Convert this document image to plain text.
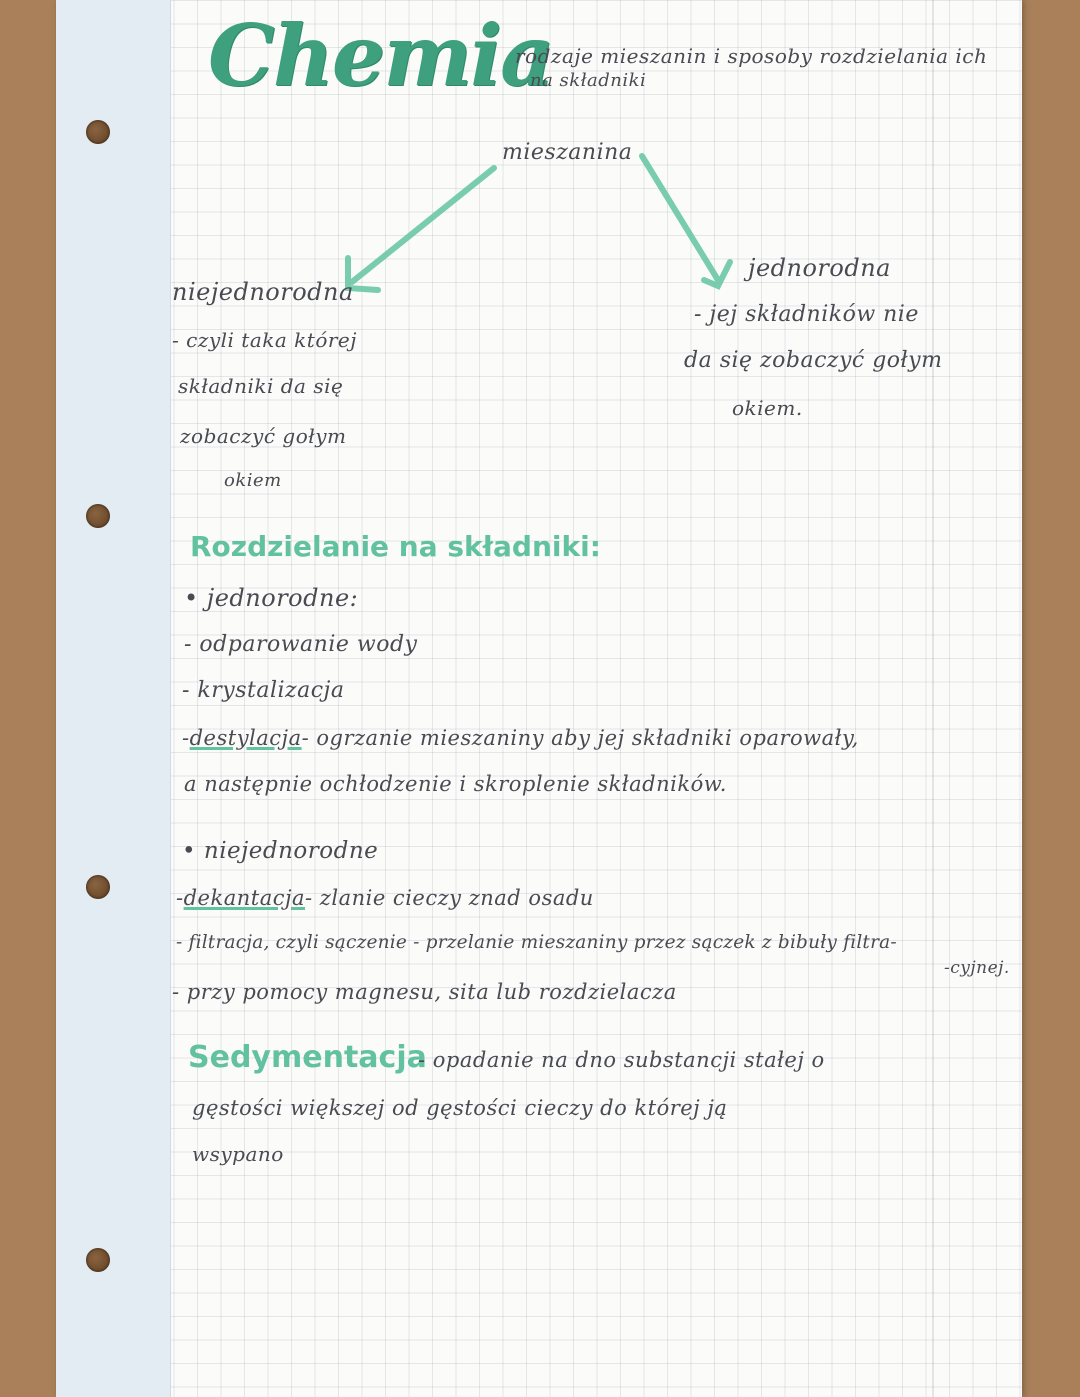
Chemia
rodzaje mieszanin i sposoby rozdzielania ich
na składniki
mieszanina
niejednorodna
- czyli taka której
składniki da się
zobaczyć gołym
okiem
jednorodna
- jej składników nie
da się zobaczyć gołym
okiem.
Rozdzielanie na składniki:
• jednorodne:
- odparowanie wody
- krystalizacja
-destylacja- ogrzanie mieszaniny aby jej składniki oparowały,
a następnie ochłodzenie i skroplenie składników.
• niejednorodne
-dekantacja- zlanie cieczy znad osadu
- filtracja, czyli sączenie - przelanie mieszaniny przez sączek z bibuły filtra-
-cyjnej.
- przy pomocy magnesu, sita lub rozdzielacza
Sedymentacja
- opadanie na dno substancji stałej o
gęstości większej od gęstości cieczy do której ją
wsypano
